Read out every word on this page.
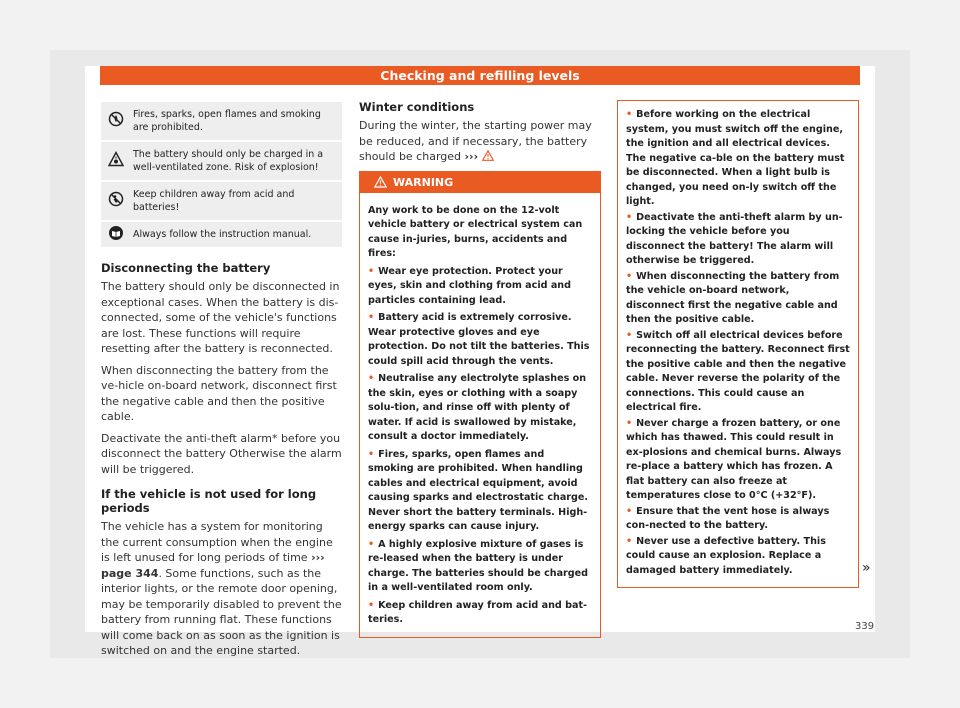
Checking and refilling levels
	Fires, sparks, open flames and smoking are prohibited.
	The battery should only be charged in a well-ventilated zone. Risk of explosion!
	Keep children away from acid and batteries!
	Always follow the instruction manual.
Disconnecting the battery

The battery should only be disconnected in exceptional cases. When the battery is dis-connected, some of the vehicle's functions are lost. These functions will require resetting after the battery is reconnected.

When disconnecting the battery from the ve-hicle on-board network, disconnect first the negative cable and then the positive cable.

Deactivate the anti-theft alarm* before you disconnect the battery Otherwise the alarm will be triggered.

If the vehicle is not used for long periods

The vehicle has a system for monitoring the current consumption when the engine is left unused for long periods of time ››› page 344. Some functions, such as the interior lights, or the remote door opening, may be temporarily disabled to prevent the battery from running flat. These functions will come back on as soon as the ignition is switched on and the engine started.

Winter conditions

During the winter, the starting power may be reduced, and if necessary, the battery should be charged ›››

WARNING
Any work to be done on the 12-volt vehicle battery or electrical system can cause in-juries, burns, accidents and fires:
• Wear eye protection. Protect your eyes, skin and clothing from acid and particles containing lead.
• Battery acid is extremely corrosive. Wear protective gloves and eye protection. Do not tilt the batteries. This could spill acid through the vents.
• Neutralise any electrolyte splashes on the skin, eyes or clothing with a soapy solu-tion, and rinse off with plenty of water. If acid is swallowed by mistake, consult a doctor immediately.
• Fires, sparks, open flames and smoking are prohibited. When handling cables and electrical equipment, avoid causing sparks and electrostatic charge. Never short the battery terminals. High-energy sparks can cause injury.
• A highly explosive mixture of gases is re-leased when the battery is under charge. The batteries should be charged in a well-ventilated room only.
• Keep children away from acid and bat-teries.
• Before working on the electrical system, you must switch off the engine, the ignition and all electrical devices. The negative ca-ble on the battery must be disconnected. When a light bulb is changed, you need on-ly switch off the light.
• Deactivate the anti-theft alarm by un-locking the vehicle before you disconnect the battery! The alarm will otherwise be triggered.
• When disconnecting the battery from the vehicle on-board network, disconnect first the negative cable and then the positive cable.
• Switch off all electrical devices before reconnecting the battery. Reconnect first the positive cable and then the negative cable. Never reverse the polarity of the connections. This could cause an electrical fire.
• Never charge a frozen battery, or one which has thawed. This could result in ex-plosions and chemical burns. Always re-place a battery which has frozen. A flat battery can also freeze at temperatures close to 0°C (+32°F).
• Ensure that the vent hose is always con-nected to the battery.
• Never use a defective battery. This could cause an explosion. Replace a damaged battery immediately.	»
339
